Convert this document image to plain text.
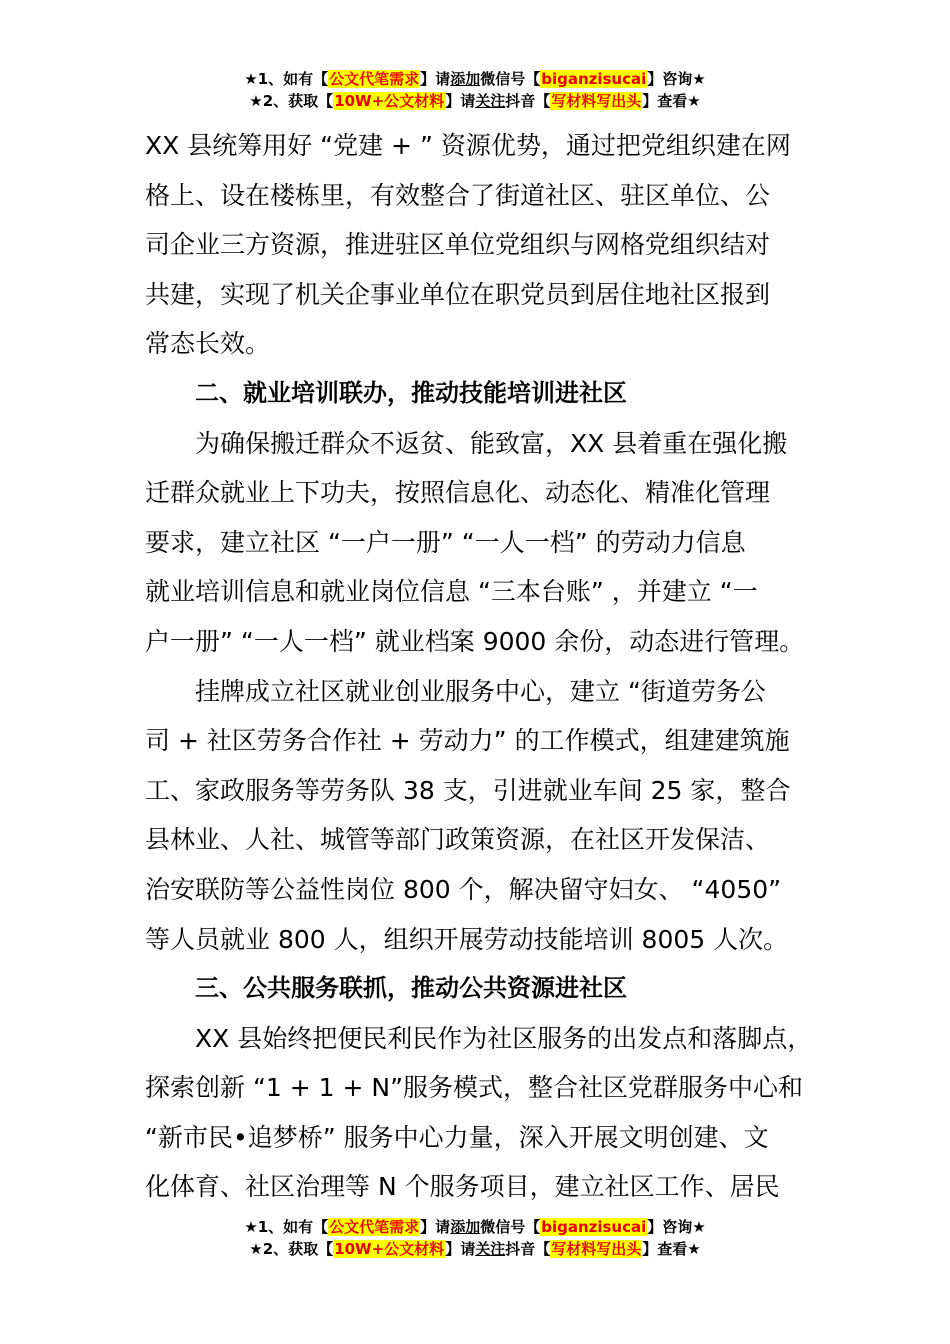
★1、如有【公文代笔需求】请添加微信号【biganzisucai】咨询★
★2、获取【10W+公文材料】请关注抖音【写材料写出头】查看★
XX 县统筹用好 “党建 + ” 资源优势，通过把党组织建在网
格上、设在楼栋里，有效整合了街道社区、驻区单位、公
司企业三方资源，推进驻区单位党组织与网格党组织结对
共建，实现了机关企事业单位在职党员到居住地社区报到
常态长效。
二、就业培训联办，推动技能培训进社区
为确保搬迁群众不返贫、能致富，XX 县着重在强化搬
迁群众就业上下功夫，按照信息化、动态化、精准化管理
要求，建立社区 “一户一册” “一人一档” 的劳动力信息
就业培训信息和就业岗位信息 “三本台账” ，并建立 “一
户一册” “一人一档” 就业档案 9000 余份，动态进行管理。
挂牌成立社区就业创业服务中心，建立 “街道劳务公
司 + 社区劳务合作社 + 劳动力” 的工作模式，组建建筑施
工、家政服务等劳务队 38 支，引进就业车间 25 家，整合
县林业、人社、城管等部门政策资源，在社区开发保洁、
治安联防等公益性岗位 800 个，解决留守妇女、 “4050”
等人员就业 800 人，组织开展劳动技能培训 8005 人次。
三、公共服务联抓，推动公共资源进社区
XX 县始终把便民利民作为社区服务的出发点和落脚点，
探索创新 “1 + 1 + N”服务模式，整合社区党群服务中心和
“新市民•追梦桥” 服务中心力量，深入开展文明创建、文
化体育、社区治理等 N 个服务项目，建立社区工作、居民
★1、如有【公文代笔需求】请添加微信号【biganzisucai】咨询★
★2、获取【10W+公文材料】请关注抖音【写材料写出头】查看★
